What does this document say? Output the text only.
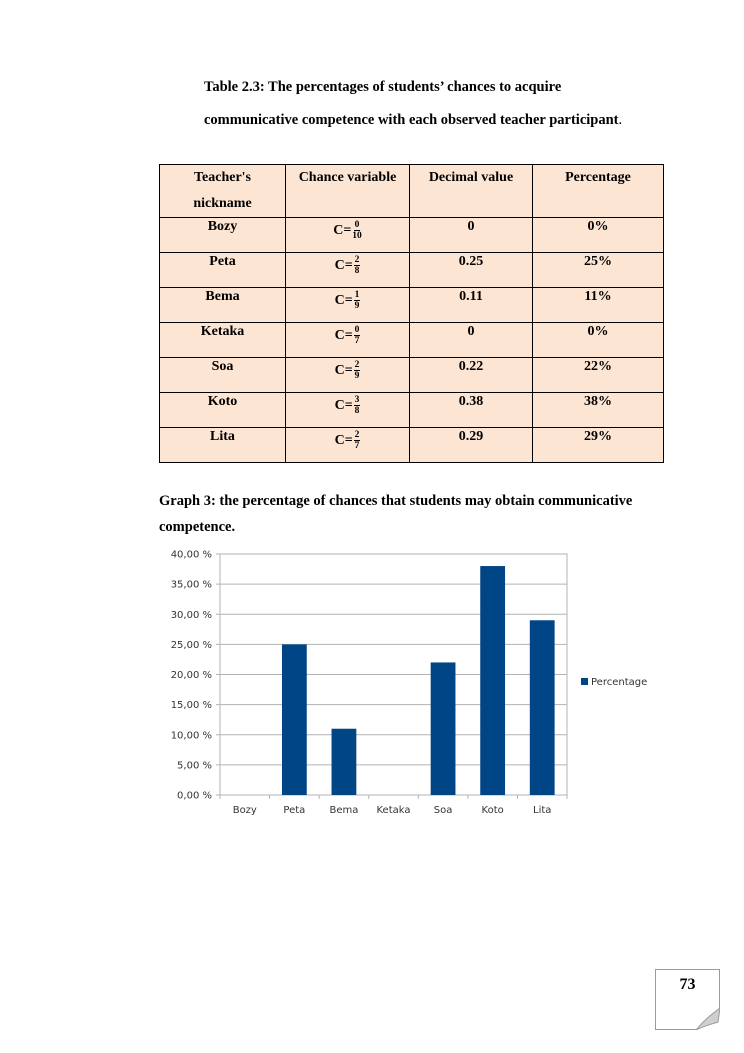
Table 2.3: The percentages of students’ chances to acquire
communicative competence with each observed teacher participant.
Teacher's
nickname	Chance variable	Decimal value	Percentage

Bozy	$C= \frac{0}{10}$	0	0%

Peta	$C= \frac{2}{8}$	0.25	25%

Bema	$C= \frac{1}{9}$	0.11	11%

Ketaka	$C= \frac{0}{7}$	0	0%

Soa	$C= \frac{2}{9}$	0.22	22%

Koto	$C= \frac{3}{8}$	0.38	38%

Lita	$C= \frac{2}{7}$	0.29	29%
Graph 3: the percentage of chances that students may obtain communicative competence.
0,00 %
5,00 %
10,00 %
15,00 %
20,00 %
25,00 %
30,00 %
35,00 %
40,00 %
Bozy	Peta Bema Ketaka Soa	Koto	Lita
Percentage
73
